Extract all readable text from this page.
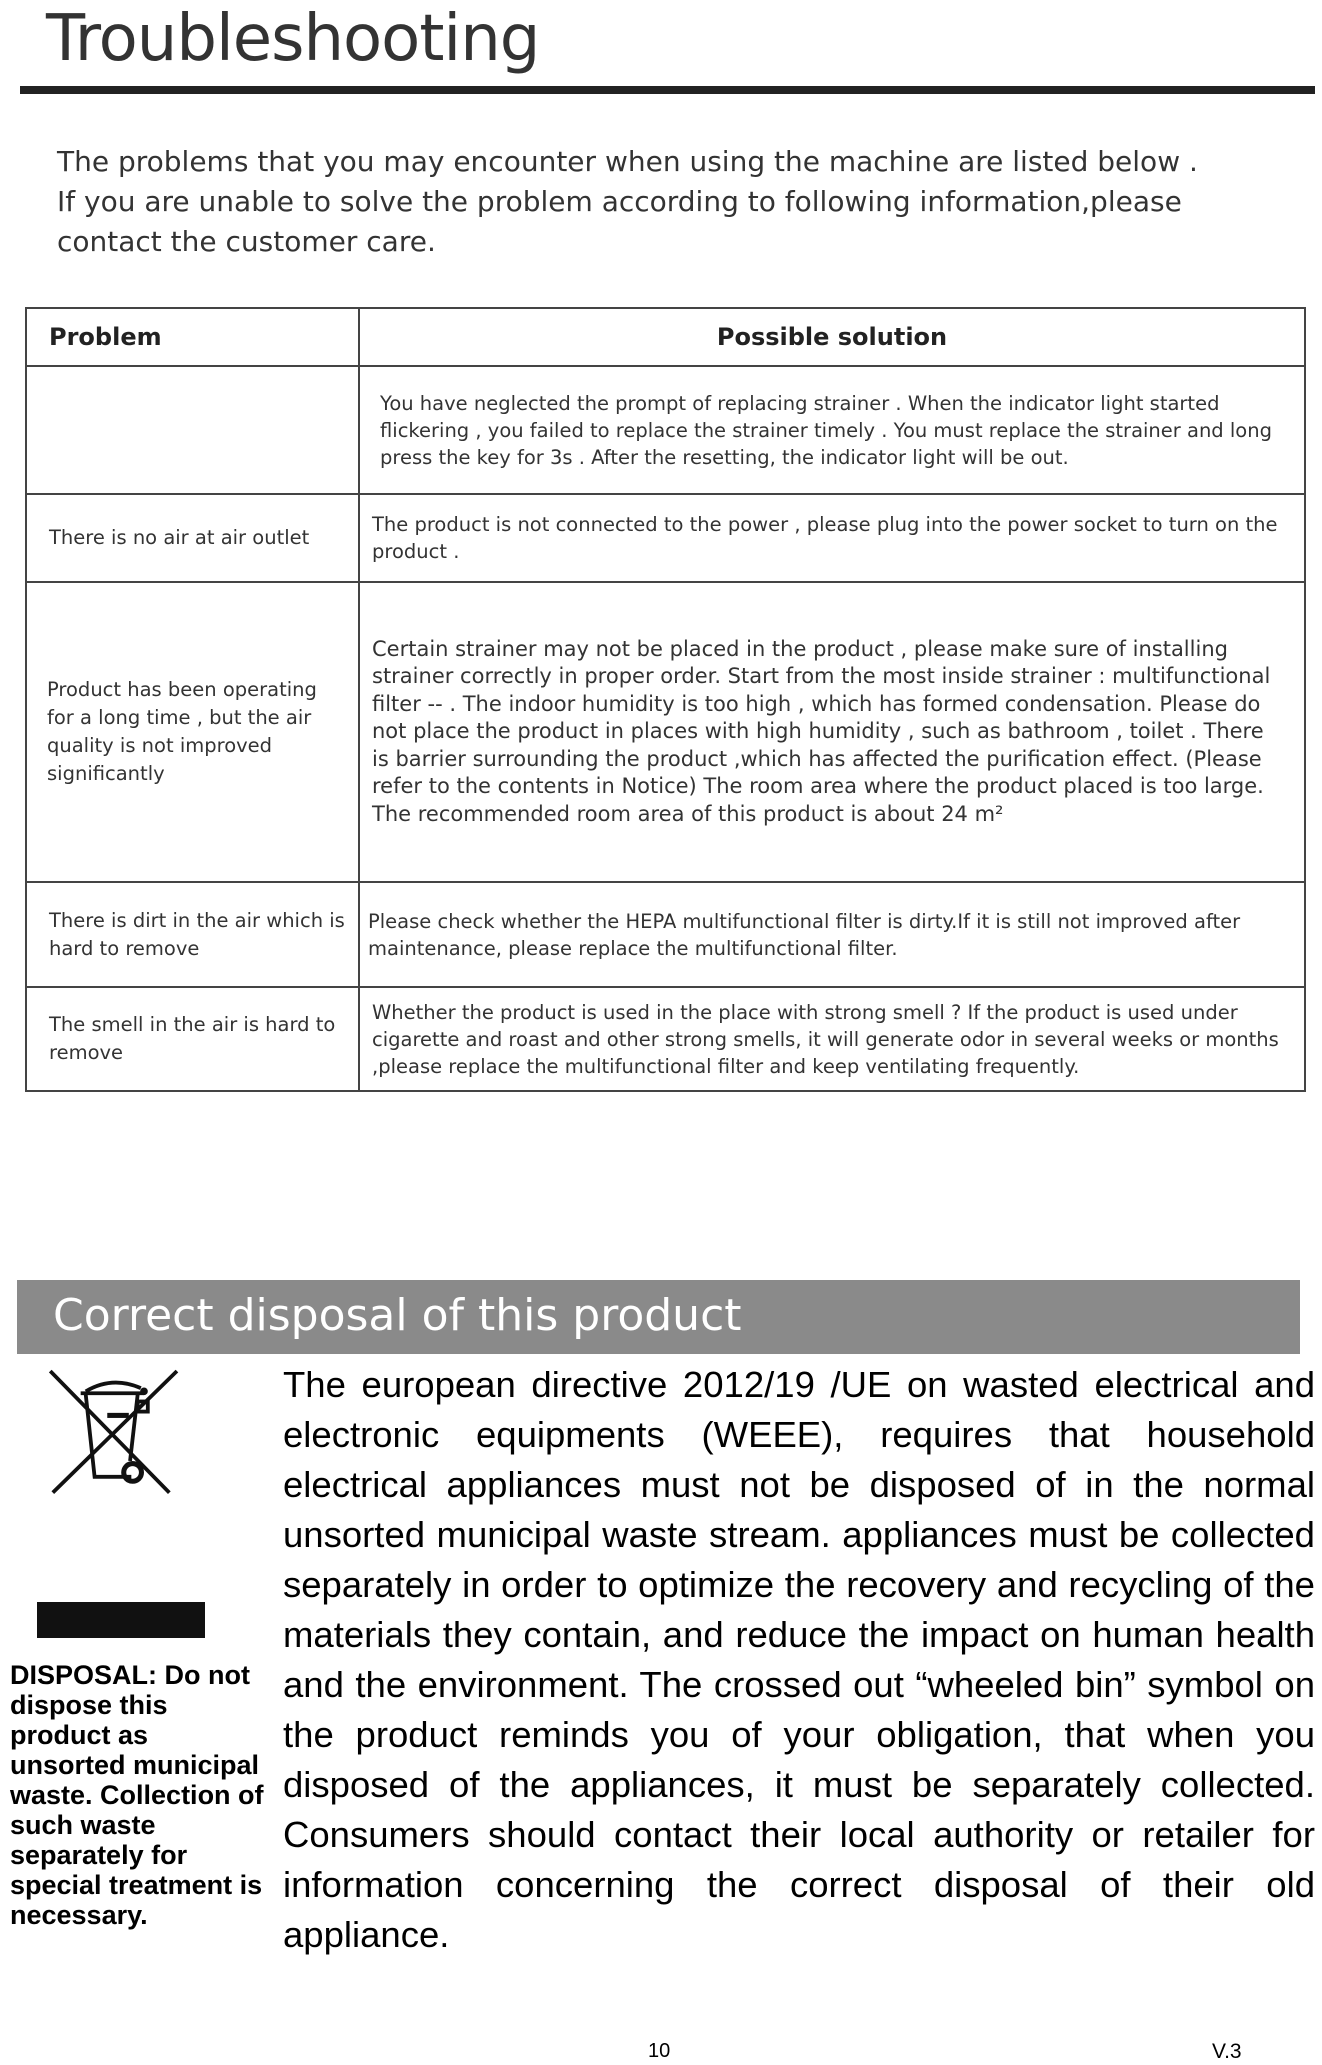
Troubleshooting
The problems that you may encounter when using the machine are listed below .
If you are unable to solve the problem according to following information,please
contact the customer care.
Problem	Possible solution
	You have neglected the prompt of replacing strainer . When the indicator light started flickering , you failed to replace the strainer timely . You must replace the strainer and long press the key for 3s . After the resetting, the indicator light will be out.
There is no air at air outlet	The product is not connected to the power , please plug into the power socket to turn on the product .
Product has been operating for a long time , but the air quality is not improved significantly	Certain strainer may not be placed in the product , please make sure of installing strainer correctly in proper order. Start from the most inside strainer : multifunctional filter -- . The indoor humidity is too high , which has formed condensation. Please do not place the product in places with high humidity , such as bathroom , toilet . There is barrier surrounding the product ,which has affected the purification effect. (Please refer to the contents in Notice) The room area where the product placed is too large. The recommended room area of this product is about 24 m²
There is dirt in the air which is hard to remove	Please check whether the HEPA multifunctional filter is dirty.If it is still not improved after maintenance, please replace the multifunctional filter.
The smell in the air is hard to remove	Whether the product is used in the place with strong smell ? If the product is used under cigarette and roast and other strong smells, it will generate odor in several weeks or months ,please replace the multifunctional filter and keep ventilating frequently.
Correct disposal of this product
DISPOSAL: Do not dispose this product as unsorted municipal waste. Collection of such waste separately for special treatment is necessary.
The european directive 2012/19 /UE on wasted electrical and electronic equipments (WEEE), requires that household electrical appliances must not be disposed of in the normal unsorted municipal waste stream. appliances must be collected separately in order to optimize the recovery and recycling of the materials they contain, and reduce the impact on human health and the environment. The crossed out “wheeled bin” symbol on the product reminds you of your obligation, that when you disposed of the appliances, it must be separately collected. Consumers should contact their local authority or retailer for information concerning the correct disposal of their old appliance.
10	V.3
